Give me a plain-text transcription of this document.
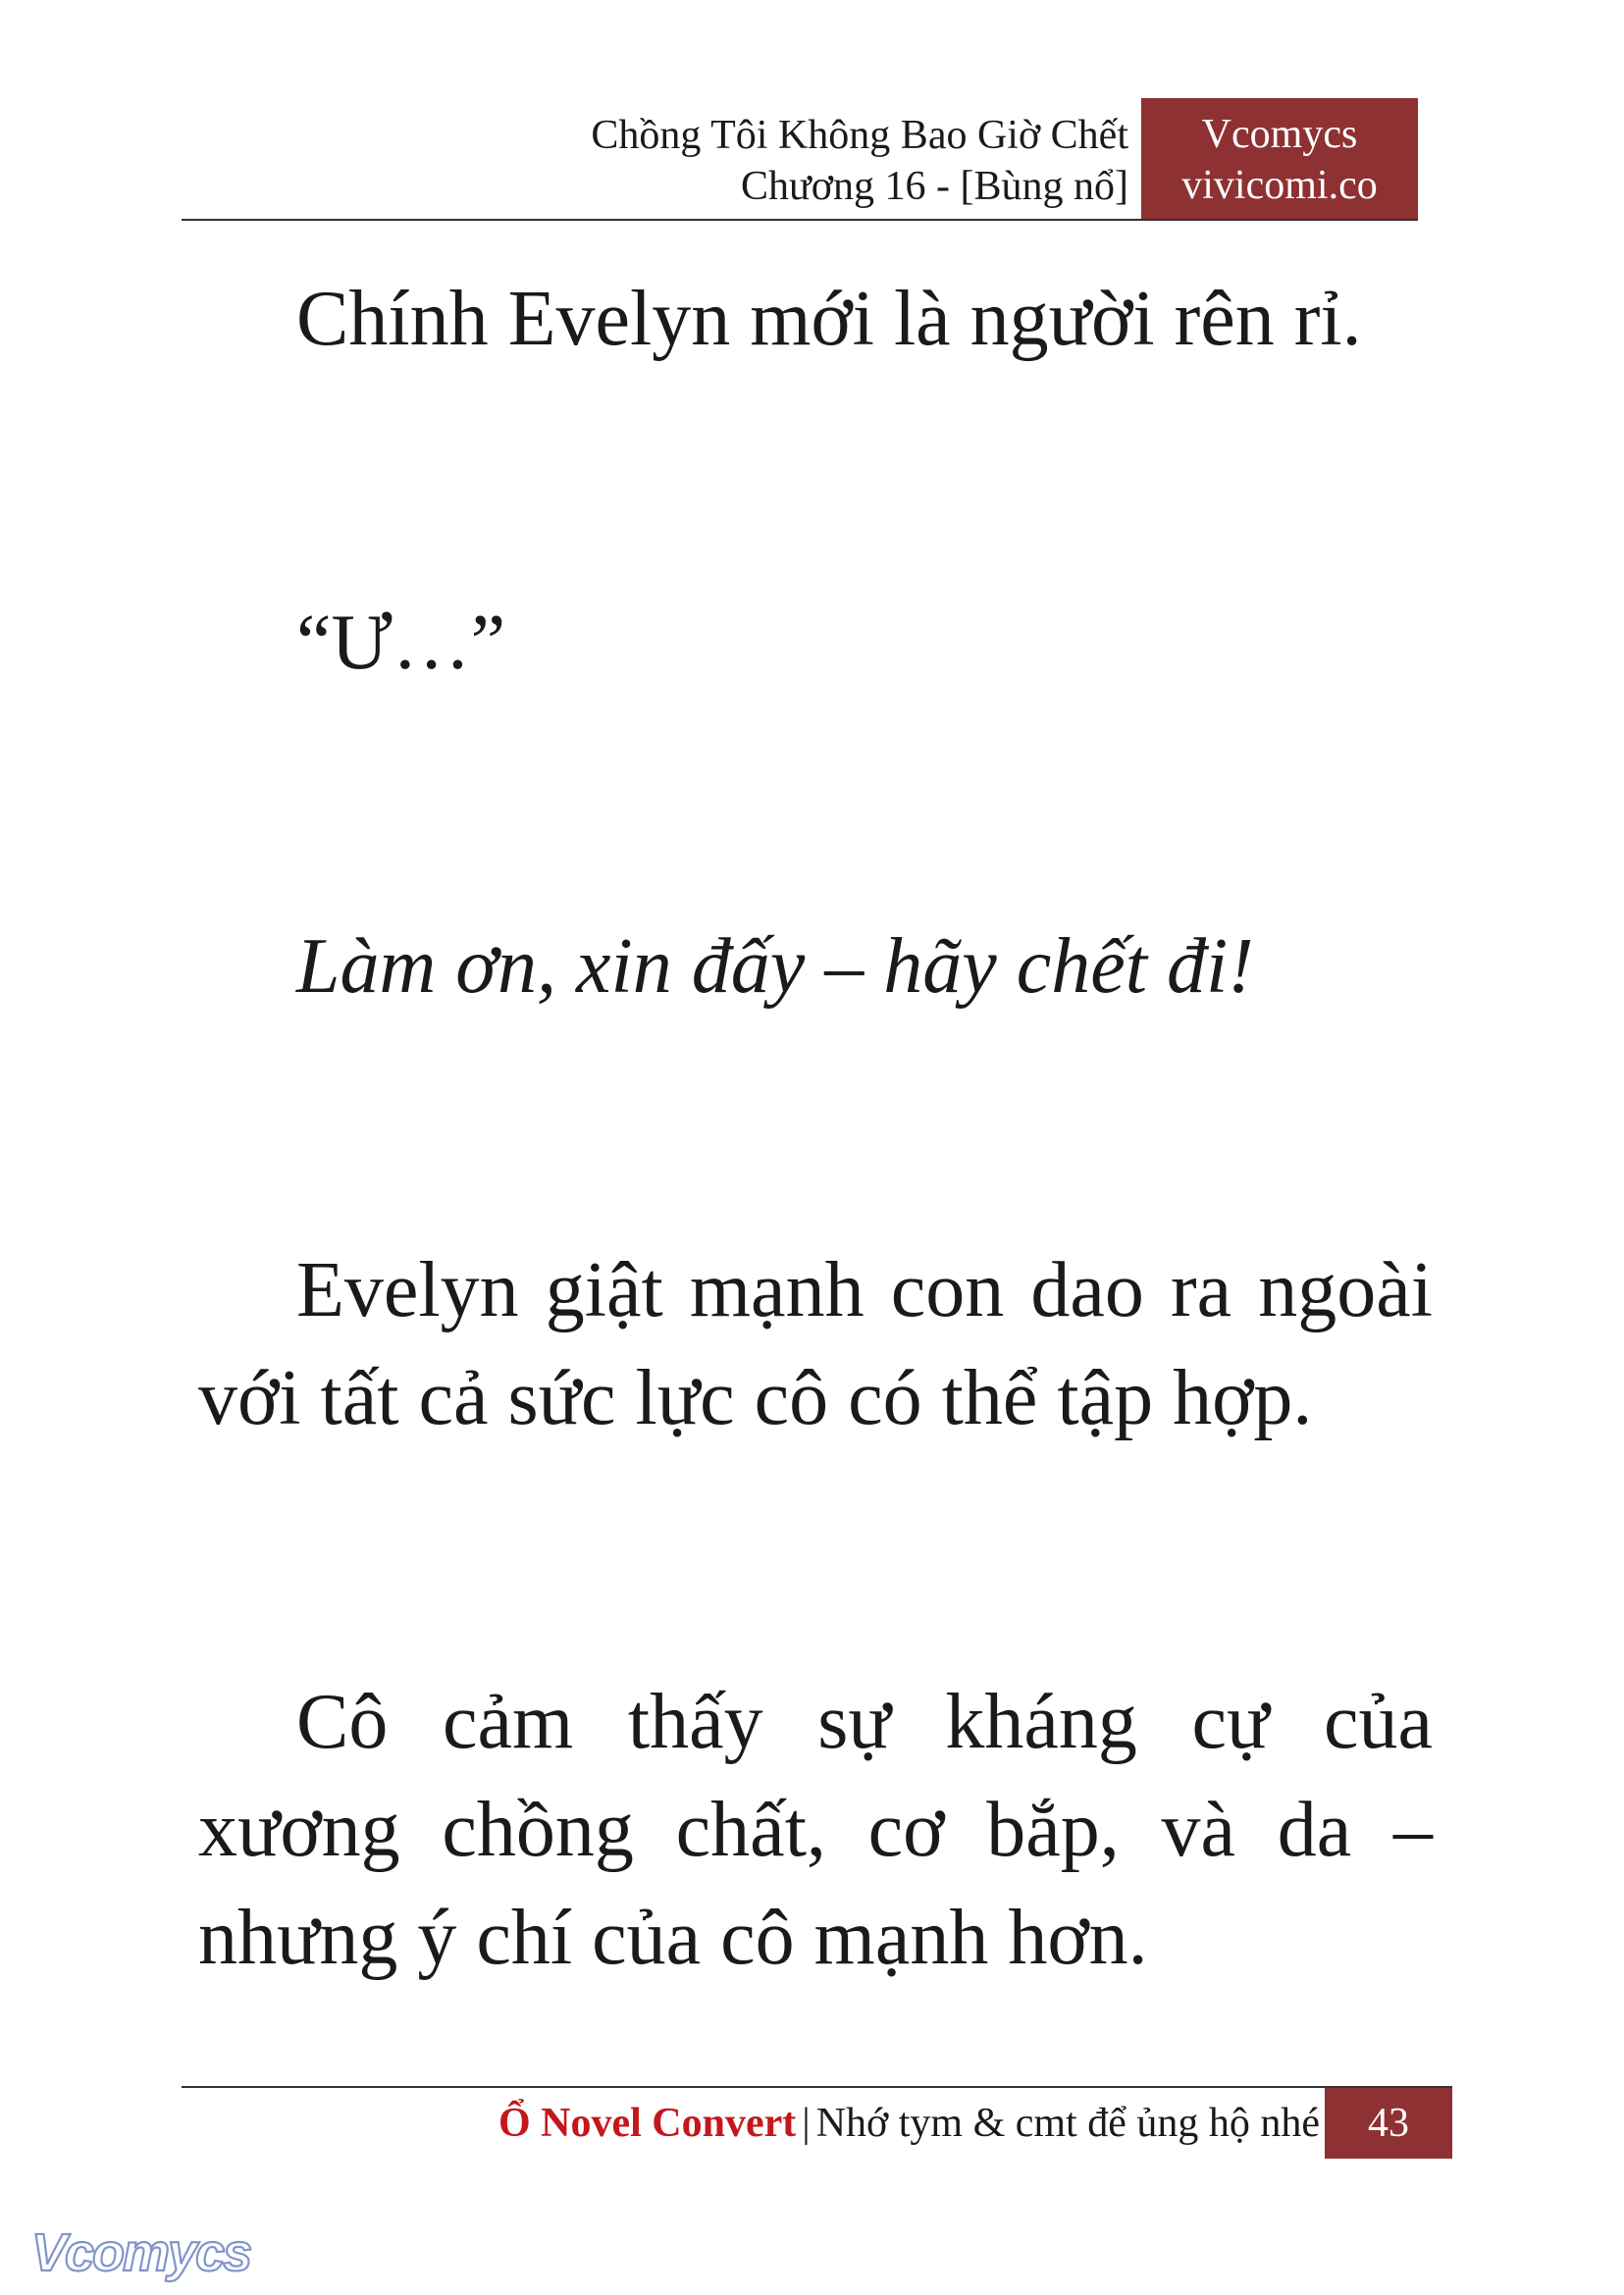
Chồng Tôi Không Bao Giờ Chết
Chương 16 - [Bùng nổ]
Vcomycs
vivicomi.co

Chính Evelyn mới là người rên rỉ.

“Ư…”

Làm ơn, xin đấy – hãy chết đi!

Evelyn giật mạnh con dao ra ngoài với tất cả sức lực cô có thể tập hợp.

Cô cảm thấy sự kháng cự của xương chồng chất, cơ bắp, và da – nhưng ý chí của cô mạnh hơn.

Ổ Novel Convert | Nhớ tym & cmt để ủng hộ nhé	43
Vcomycs
